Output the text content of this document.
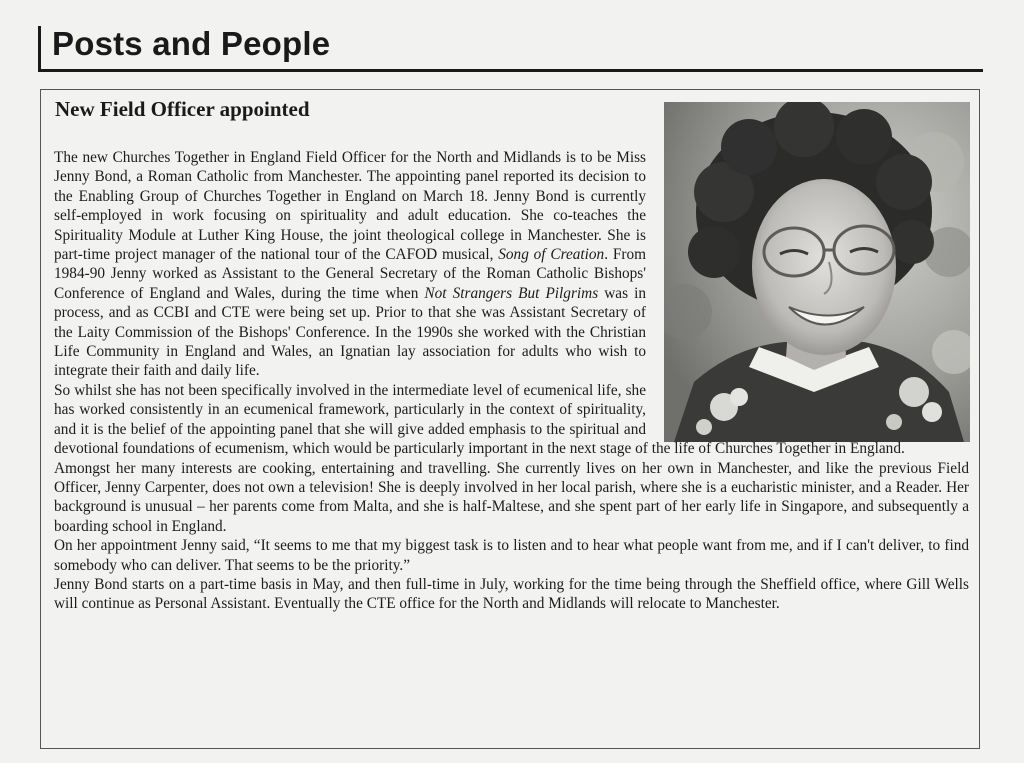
Posts and People
New Field Officer appointed

The new Churches Together in England Field Officer for the North and Midlands is to be Miss Jenny Bond, a Roman Catholic from Manchester. The appointing panel reported its decision to the Enabling Group of Churches Together in England on March 18. Jenny Bond is currently self-employed in work focusing on spirituality and adult education. She co-teaches the Spirituality Module at Luther King House, the joint theological college in Manchester. She is part-time project manager of the national tour of the CAFOD musical, Song of Creation. From 1984-90 Jenny worked as Assistant to the General Secretary of the Roman Catholic Bishops' Conference of England and Wales, during the time when Not Strangers But Pilgrims was in process, and as CCBI and CTE were being set up. Prior to that she was Assistant Secretary of the Laity Commission of the Bishops' Conference. In the 1990s she worked with the Christian Life Community in England and Wales, an Ignatian lay association for adults who wish to integrate their faith and daily life.

So whilst she has not been specifically involved in the intermediate level of ecumenical life, she has worked consistently in an ecumenical framework, particularly in the context of spirituality, and it is the belief of the appointing panel that she will give added emphasis to the spiritual and devotional foundations of ecumenism, which would be particularly important in the next stage of the life of Churches Together in England.

Amongst her many interests are cooking, entertaining and travelling. She currently lives on her own in Manchester, and like the previous Field Officer, Jenny Carpenter, does not own a television! She is deeply involved in her local parish, where she is a eucharistic minister, and a Reader. Her background is unusual – her parents come from Malta, and she is half-Maltese, and she spent part of her early life in Singapore, and subsequently a boarding school in England.

On her appointment Jenny said, “It seems to me that my biggest task is to listen and to hear what people want from me, and if I can't deliver, to find somebody who can deliver. That seems to be the priority.”

Jenny Bond starts on a part-time basis in May, and then full-time in July, working for the time being through the Sheffield office, where Gill Wells will continue as Personal Assistant. Eventually the CTE office for the North and Midlands will relocate to Manchester.
